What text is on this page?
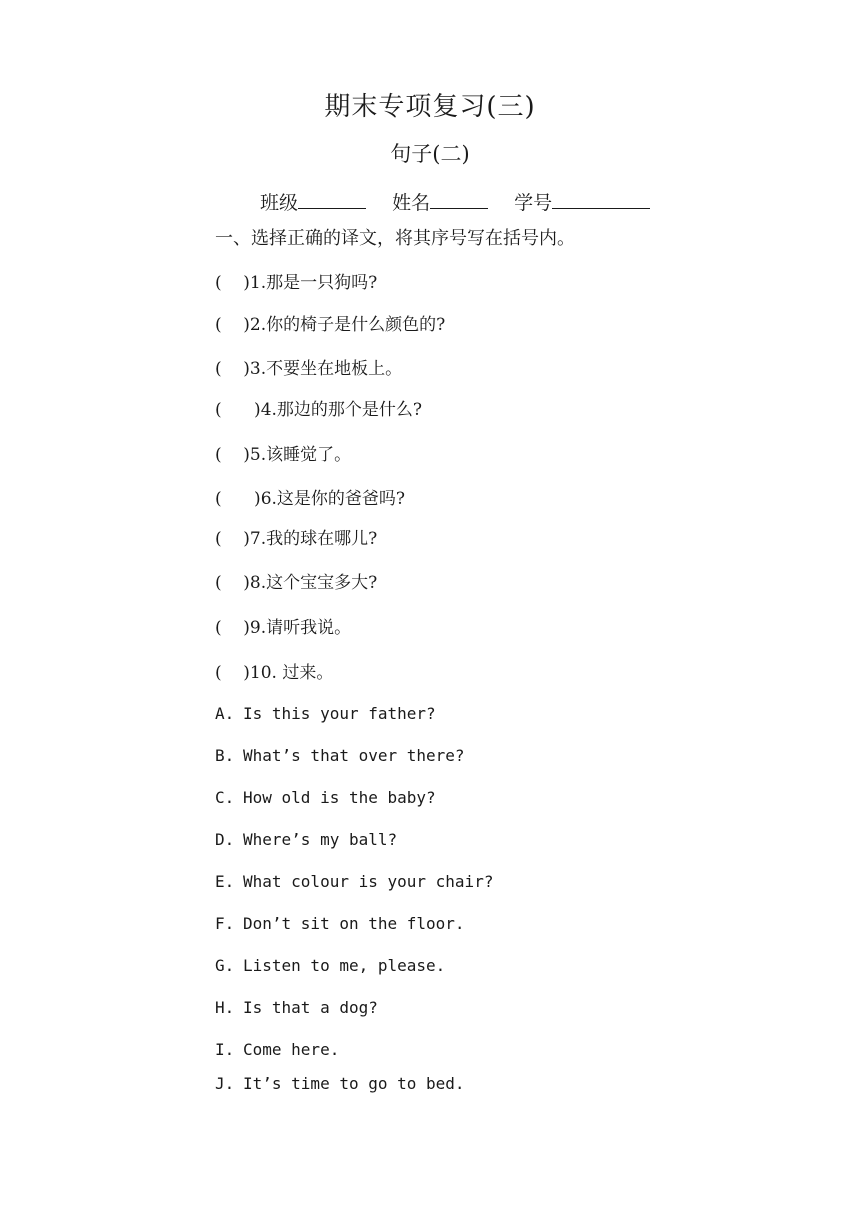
期末专项复习(三)
句子(二)
班级	姓名	学号
一、选择正确的译文，将其序号写在括号内。
(    )1.那是一只狗吗?
(    )2.你的椅子是什么颜色的?
(    )3.不要坐在地板上。
(      )4.那边的那个是什么?
(    )5.该睡觉了。
(      )6.这是你的爸爸吗?
(    )7.我的球在哪儿?
(    )8.这个宝宝多大?
(    )9.请听我说。
(    )10. 过来。
A. Is this your father?
B. What’s that over there?
C. How old is the baby?
D. Where’s my ball?
E. What colour is your chair?
F. Don’t sit on the floor.
G. Listen to me, please.
H. Is that a dog?
I. Come here.
J. It’s time to go to bed.
